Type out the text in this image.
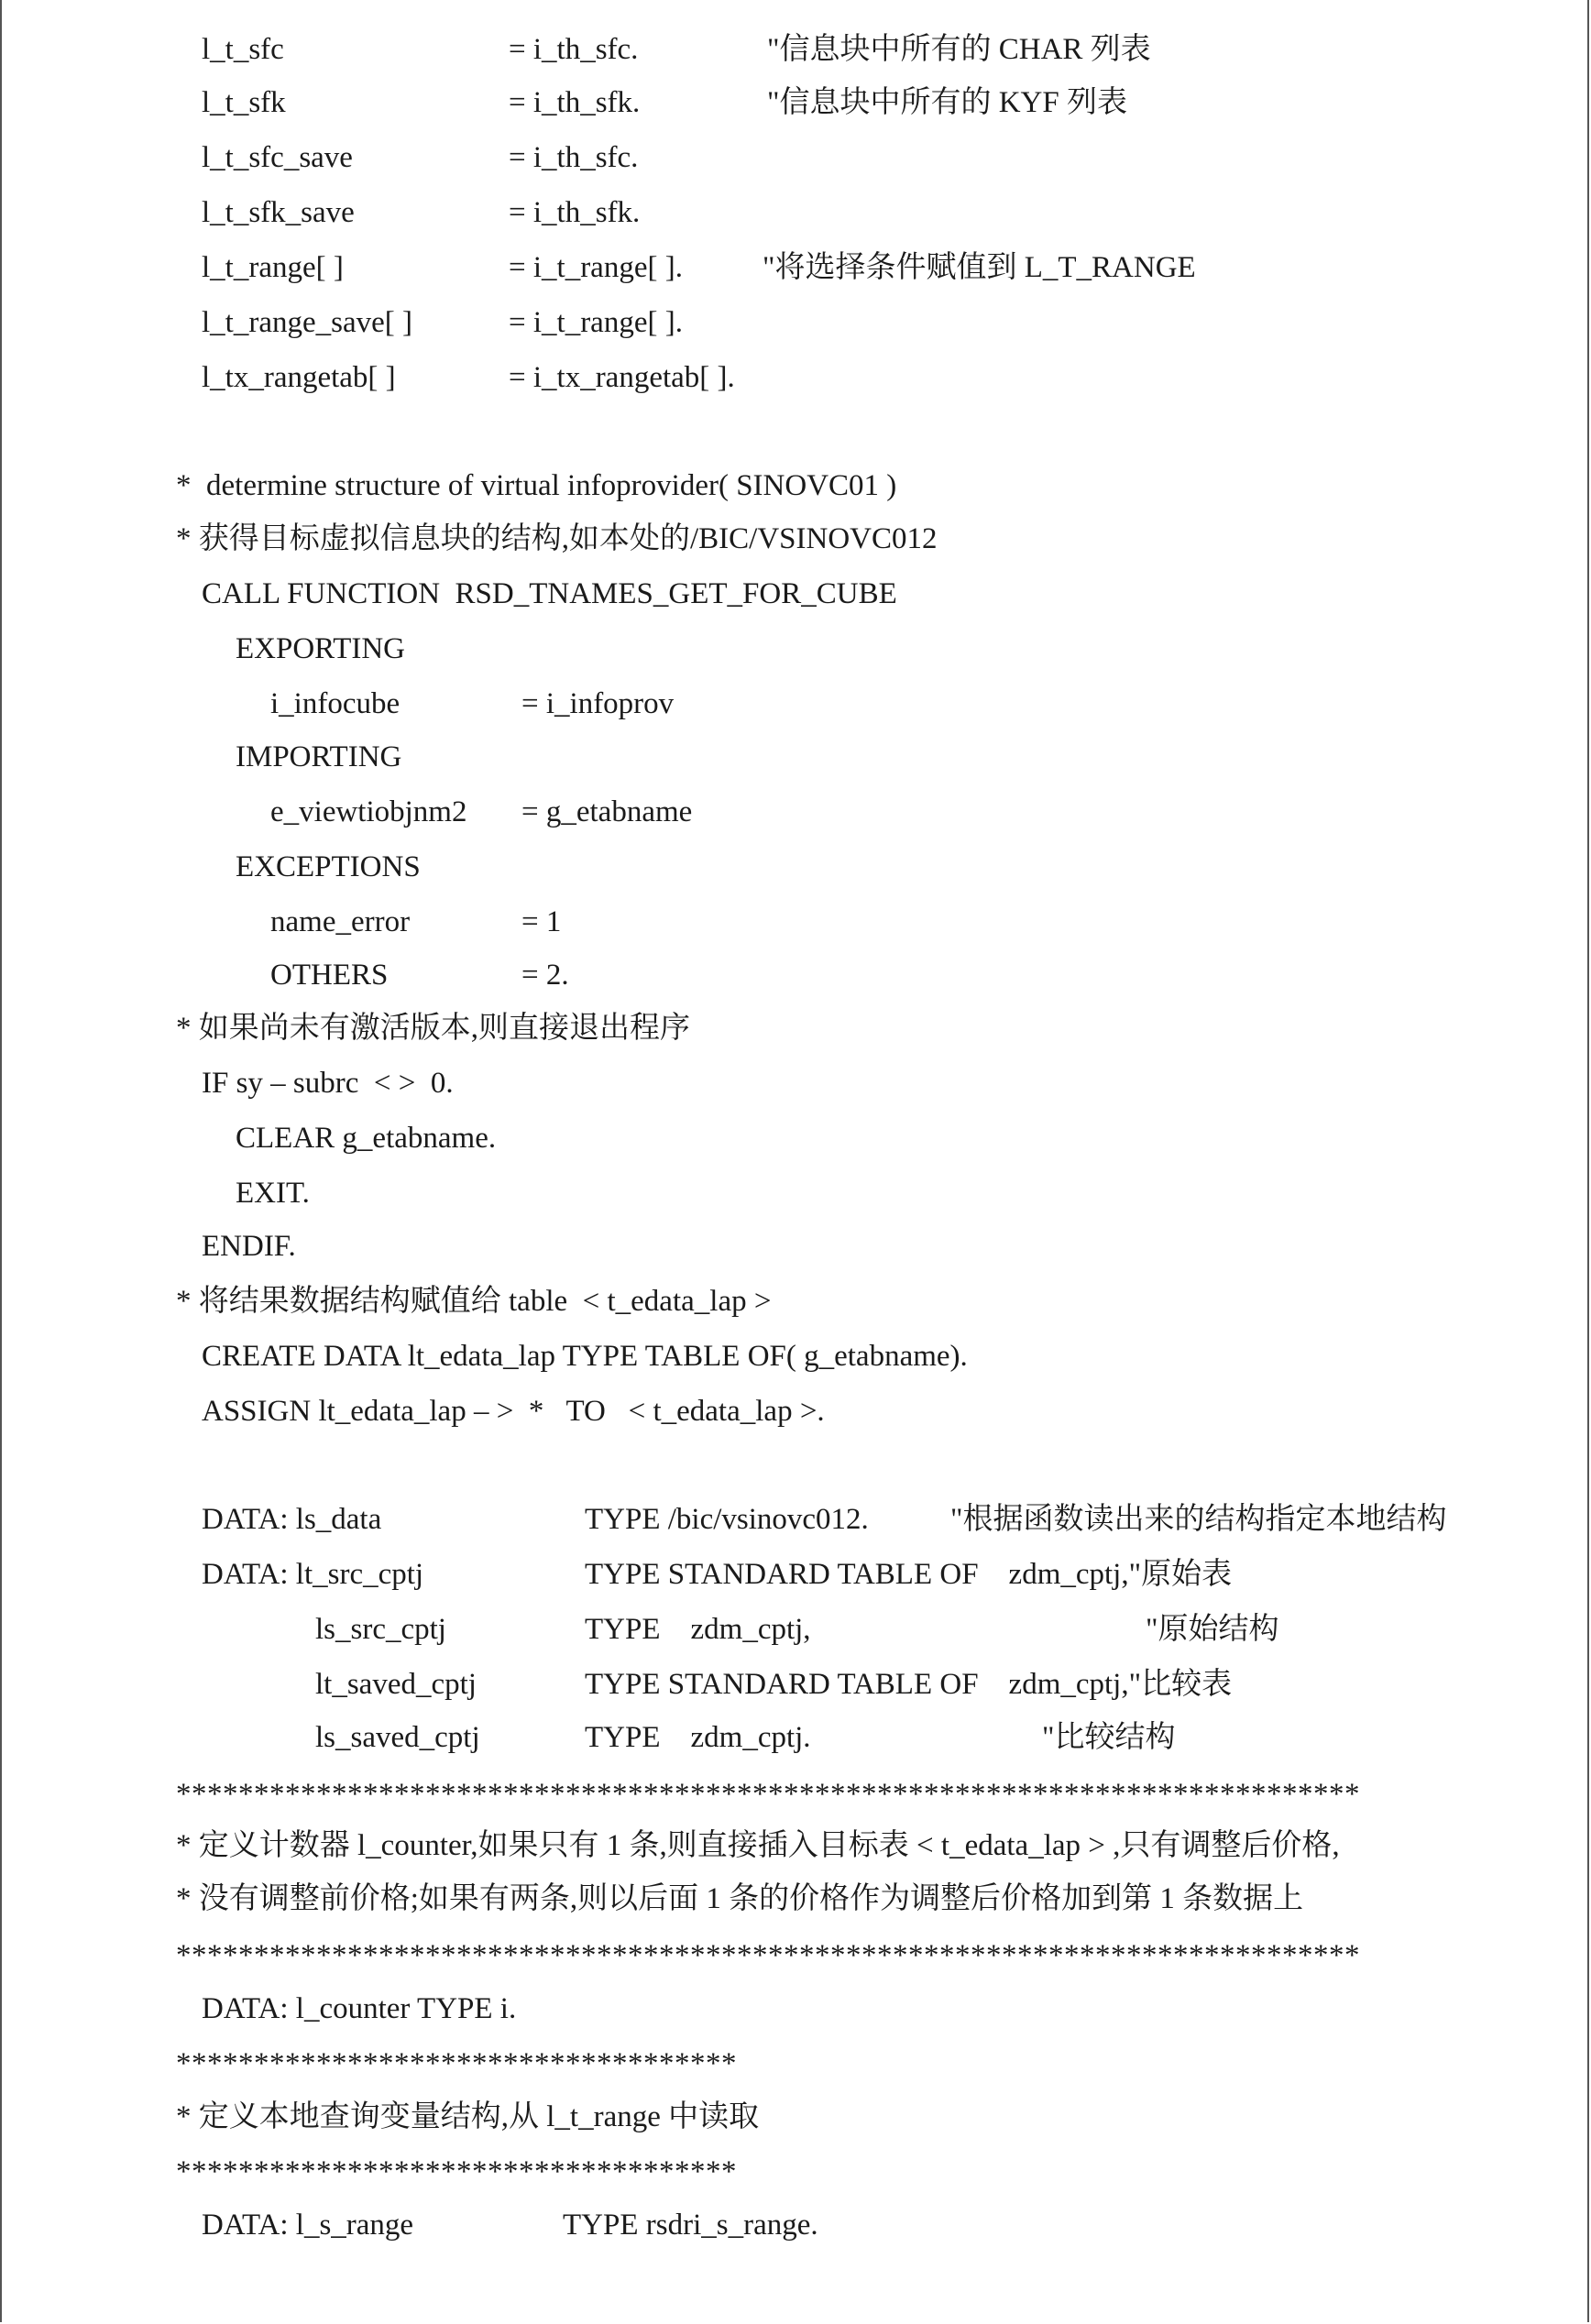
l_t_sfc	= i_th_sfc.	"信息块中所有的 CHAR 列表
l_t_sfk	= i_th_sfk.	"信息块中所有的 KYF 列表
l_t_sfc_save	= i_th_sfc.
l_t_sfk_save	= i_th_sfk.
l_t_range[ ]	= i_t_range[ ].	"将选择条件赋值到 L_T_RANGE
l_t_range_save[ ]	= i_t_range[ ].
l_tx_rangetab[ ]	= i_tx_rangetab[ ].
*  determine structure of virtual infoprovider( SINOVC01 )
* 获得目标虚拟信息块的结构,如本处的/BIC/VSINOVC012
CALL FUNCTION  RSD_TNAMES_GET_FOR_CUBE
EXPORTING
i_infocube	= i_infoprov
IMPORTING
e_viewtiobjnm2 = g_etabname
EXCEPTIONS
name_error	= 1
OTHERS	= 2.
* 如果尚未有激活版本,则直接退出程序
IF sy – subrc  < >  0.
CLEAR g_etabname.
EXIT.
ENDIF.
* 将结果数据结构赋值给 table  < t_edata_lap >
CREATE DATA lt_edata_lap TYPE TABLE OF( g_etabname).
ASSIGN lt_edata_lap – >  *   TO   < t_edata_lap >.
DATA: ls_data	TYPE /bic/vsinovc012.	"根据函数读出来的结构指定本地结构
DATA: lt_src_cptj	TYPE STANDARD TABLE OF    zdm_cptj,"原始表
ls_src_cptj	TYPE    zdm_cptj,	"原始结构
lt_saved_cptj	TYPE STANDARD TABLE OF    zdm_cptj,"比较表
ls_saved_cptj	TYPE    zdm_cptj.	"比较结构
****************************************************************************
* 定义计数器 l_counter,如果只有 1 条,则直接插入目标表 < t_edata_lap > ,只有调整后价格,
* 没有调整前价格;如果有两条,则以后面 1 条的价格作为调整后价格加到第 1 条数据上
****************************************************************************
DATA: l_counter TYPE i.
************************************
* 定义本地查询变量结构,从 l_t_range 中读取
************************************
DATA: l_s_range	TYPE rsdri_s_range.
